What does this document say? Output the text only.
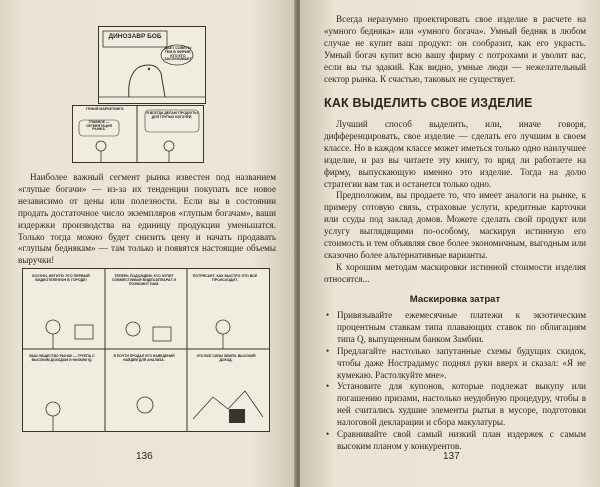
ДИНОЗАВР БОБ
ДАЕТ СОВЕТЫ ТЕМ В ФИРМЕ, КТО ЕГО ЗАСЛУЖИВАЕТ
ГЕНИЙ МАРКЕТИНГА
ГЛАВНОЕ — СЕГМЕНТАЦИЯ РЫНКА.
Я ВСЕГДА ДЕЛАЮ ПРОДУКТЫ ДЛЯ ГЛУПЫХ БОГАЧЕЙ.

Наиболее важный сегмент рынка известен под названием «глупые богачи» — из-за их тенденции покупать все новое независимо от цены или полезности. Если вы в состоянии продать достаточное число экземпляров «глупым богачам», ваши издержки производства на единицу продукции уменьшатся. Только тогда можно будет снизить цену и начать продавать «глупым беднякам» — там только и появятся настоящие объемы выручки!

БОГАЧИ, БЕГИТЕ! ЭТО ПЕРВЫЙ ВИДЕОТЕЛЕФОН В ГОРОДЕ!
ТЕПЕРЬ ПОДОЖДЕМ, КТО КУПИТ СОВМЕСТИМЫЙ ВИДЕОАППАРАТ И ПОЗВОНИТ НАМ.
ПОТРЯСАЕТ, КАК БЫСТРО ЭТО ВСЕ ПРОИСХОДИТ.
ВАШ ОБЩЕСТВО РЫНОК — ГРУППА С ВЫСОКИМ ДОХОДОМ И НИЗКИМ IQ.
Я ПОЧТИ ПРОДАЛ ЕГО НАВЕДЕНИЯ НАЙДЕМ ДЛЯ АНАЛИЗА.
ЭТО ВСЕ СИЛЫ ЗЕМЛИ, ВЫСОКИЙ ДОХОД.
136

Всегда неразумно проектировать свое изделие в расчете на «умного бедняка» или «умного богача». Умный бедняк в любом случае не купит ваш продукт: он сообразит, как его украсть. Умный богач купит всю вашу фирму с потрохами и уволит вас, если вы ты эдакий. Как видно, умные люди — нежелательный сектор рынка. К счастью, таковых не существует.

КАК ВЫДЕЛИТЬ СВОЕ ИЗДЕЛИЕ

Лучший способ выделить, или, иначе говоря, дифференцировать, свое изделие — сделать его лучшим в своем классе. Но в каждом классе может иметься только одно наилучшее изделие, и раз вы читаете эту книгу, то вряд ли работаете на фирму, выпускающую именно это изделие. Тогда на долю стратегии вам так и останется только одно.

Предположим, вы продаете то, что имеет аналоги на рынке, к примеру сотовую связь, страховые услуги, кредитные карточки или ссуды под заклад домов. Можете сделать свой продукт или услугу выглядящими по-особому, маскируя истинную его стоимость и тем объявляя свое более экономичным, выгодным или сказочно более альтернативные варианты.

К хорошим методам маскировки истинной стоимости изделия относятся...

Маскировка затрат
• Привязывайте ежемесячные платежи к экзотическим процентным ставкам типа плавающих ставок по облигациям типа Q, выпущенным банком Замбии.
• Предлагайте настолько запутанные схемы будущих скидок, чтобы даже Нострадамус поднял руки вверх и сказал: «Я не кумекаю. Растолкуйте мне».
• Установите для купонов, которые подлежат выкупу или погашению призами, настолько неудобную процедуру, чтобы в ней считались худшие элементы рытья в мусоре, подготовки налоговой декларации и сбора макулатуры.
• Сравнивайте свой самый низкий план издержек с самым высоким планом у конкурентов.
137
